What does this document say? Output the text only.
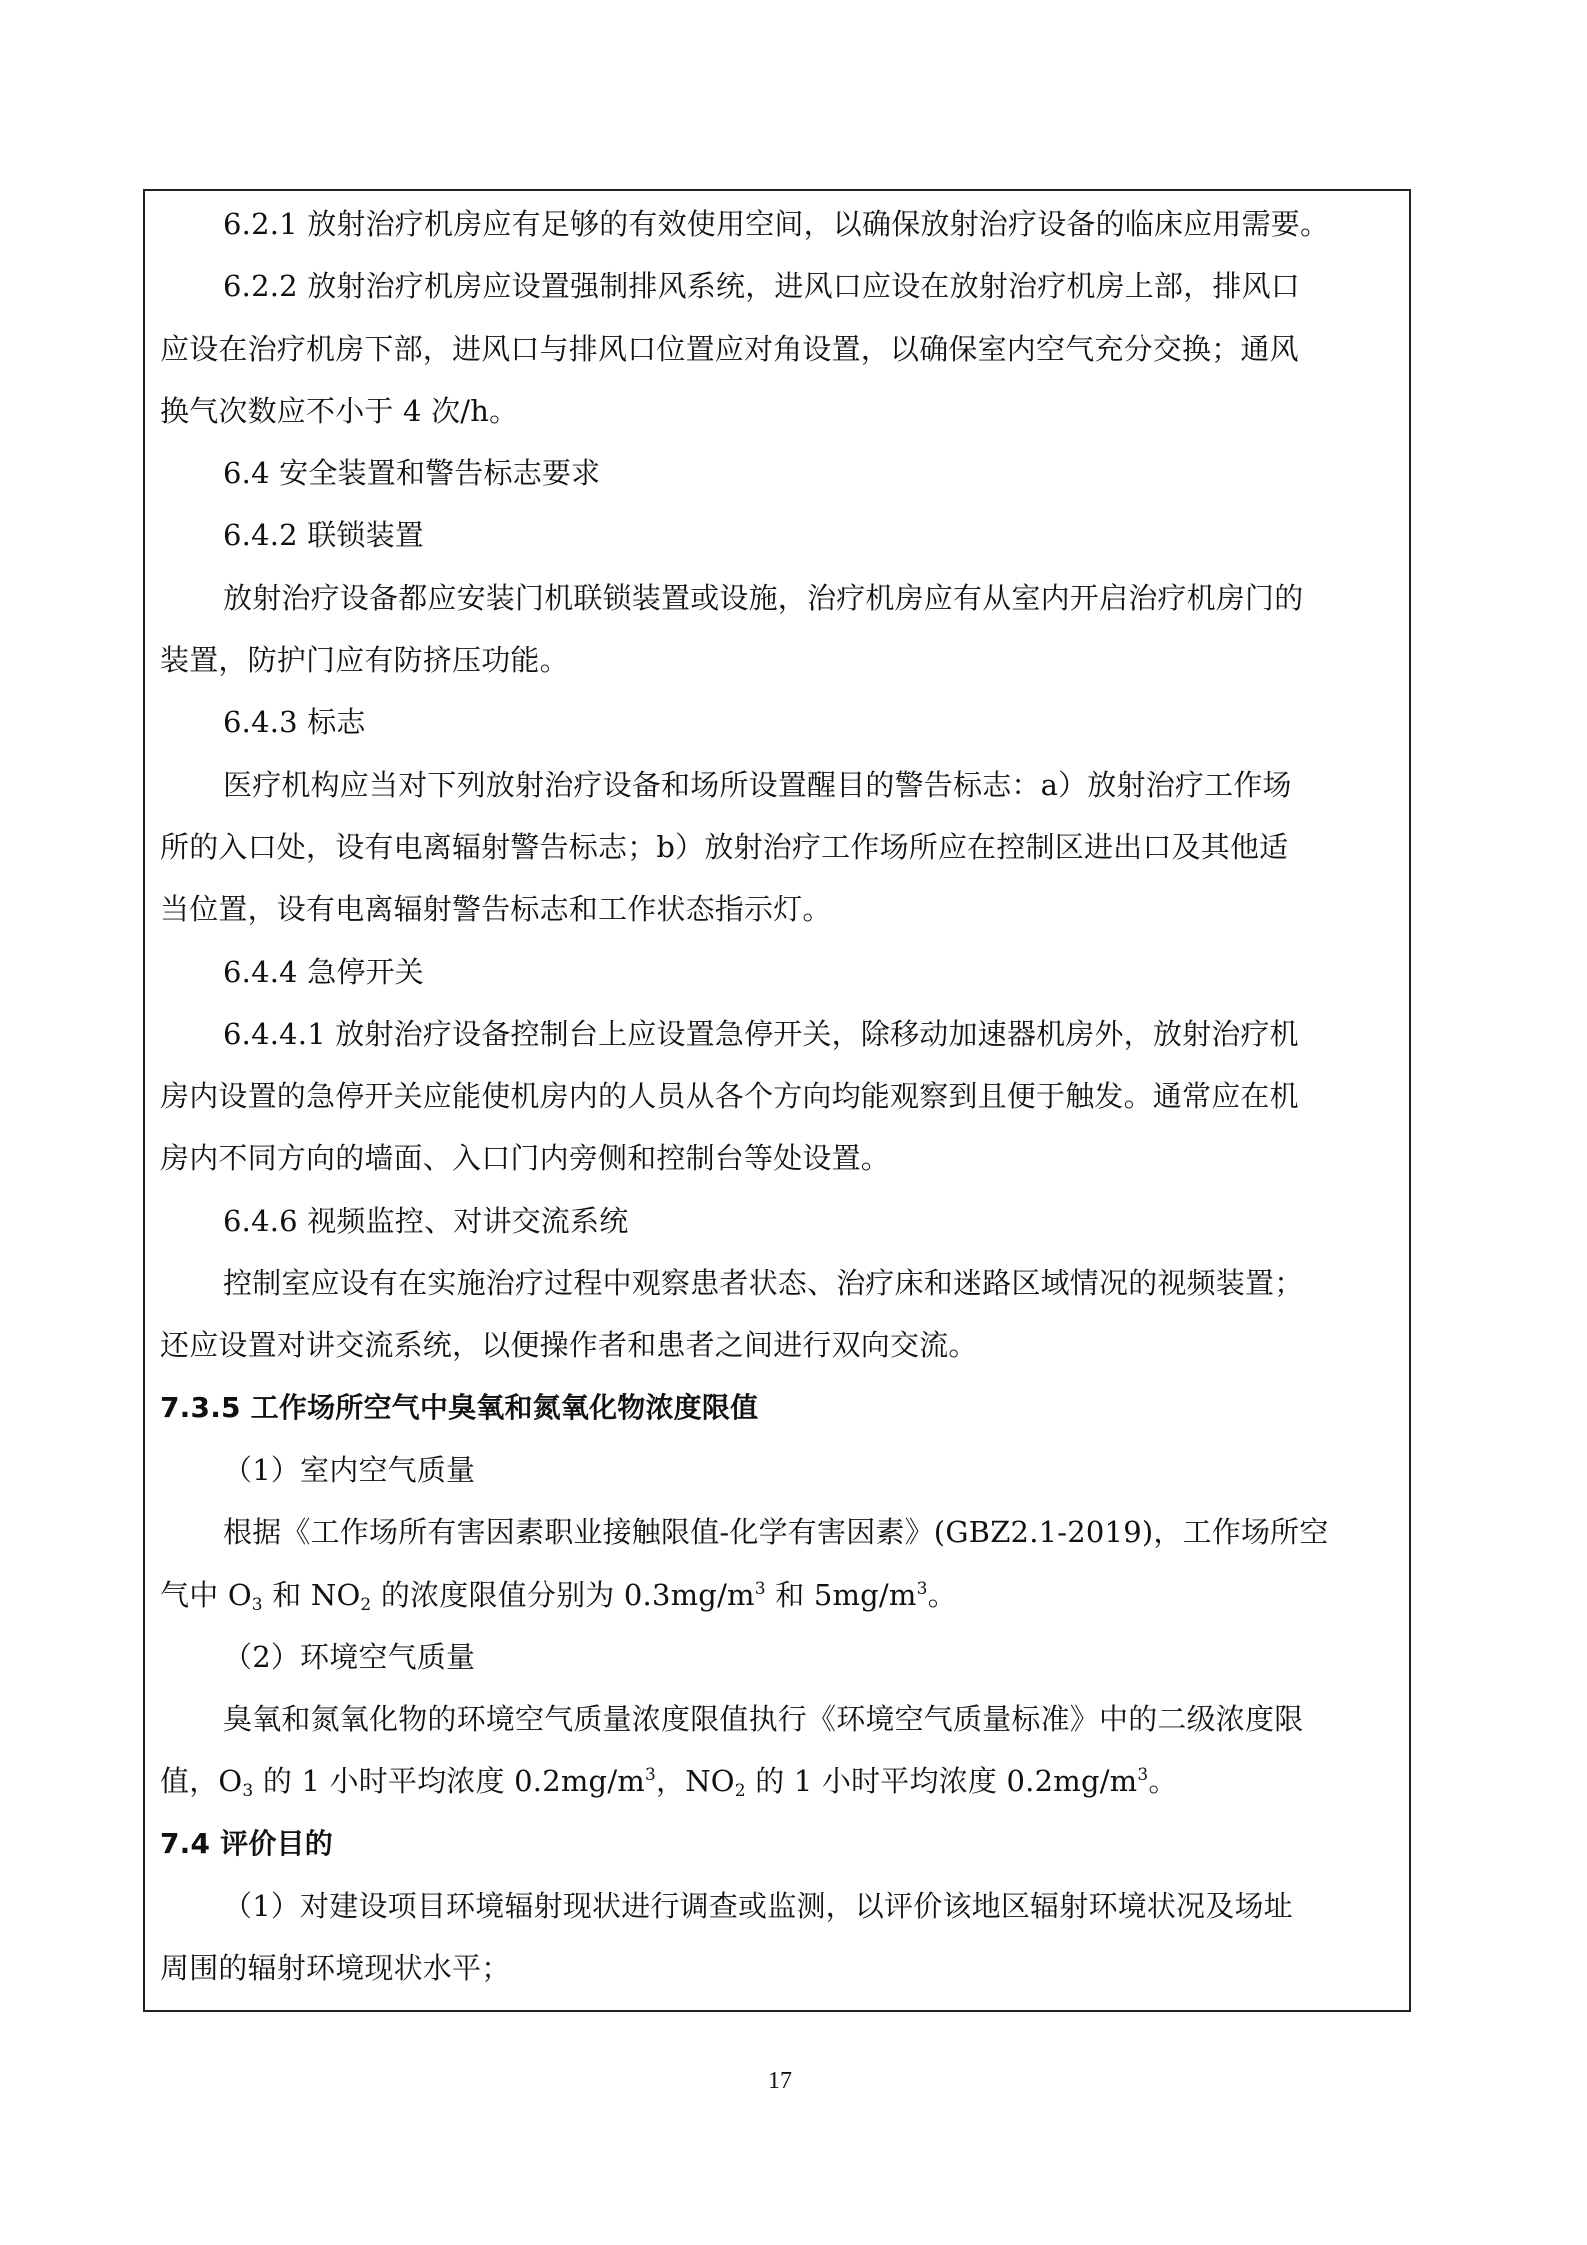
6.2.1 放射治疗机房应有足够的有效使用空间，以确保放射治疗设备的临床应用需要。
6.2.2 放射治疗机房应设置强制排风系统，进风口应设在放射治疗机房上部，排风口
应设在治疗机房下部，进风口与排风口位置应对角设置，以确保室内空气充分交换；通风
换气次数应不小于 4 次/h。
6.4 安全装置和警告标志要求
6.4.2 联锁装置
放射治疗设备都应安装门机联锁装置或设施，治疗机房应有从室内开启治疗机房门的
装置，防护门应有防挤压功能。
6.4.3 标志
医疗机构应当对下列放射治疗设备和场所设置醒目的警告标志：a）放射治疗工作场
所的入口处，设有电离辐射警告标志；b）放射治疗工作场所应在控制区进出口及其他适
当位置，设有电离辐射警告标志和工作状态指示灯。
6.4.4 急停开关
6.4.4.1 放射治疗设备控制台上应设置急停开关，除移动加速器机房外，放射治疗机
房内设置的急停开关应能使机房内的人员从各个方向均能观察到且便于触发。通常应在机
房内不同方向的墙面、入口门内旁侧和控制台等处设置。
6.4.6 视频监控、对讲交流系统
控制室应设有在实施治疗过程中观察患者状态、治疗床和迷路区域情况的视频装置；
还应设置对讲交流系统，以便操作者和患者之间进行双向交流。
7.3.5 工作场所空气中臭氧和氮氧化物浓度限值
（1）室内空气质量
根据《工作场所有害因素职业接触限值-化学有害因素》(GBZ2.1-2019)，工作场所空
气中 $O_3$ 和 $NO_2$ 的浓度限值分别为 $0.3mg/m^3$ 和 $5mg/m^3$。
（2）环境空气质量
臭氧和氮氧化物的环境空气质量浓度限值执行《环境空气质量标准》中的二级浓度限
值，$O_3$ 的 1 小时平均浓度 $0.2mg/m^3$，$NO_2$ 的 1 小时平均浓度 $0.2mg/m^3$。
7.4 评价目的
（1）对建设项目环境辐射现状进行调查或监测，以评价该地区辐射环境状况及场址
周围的辐射环境现状水平；
17
